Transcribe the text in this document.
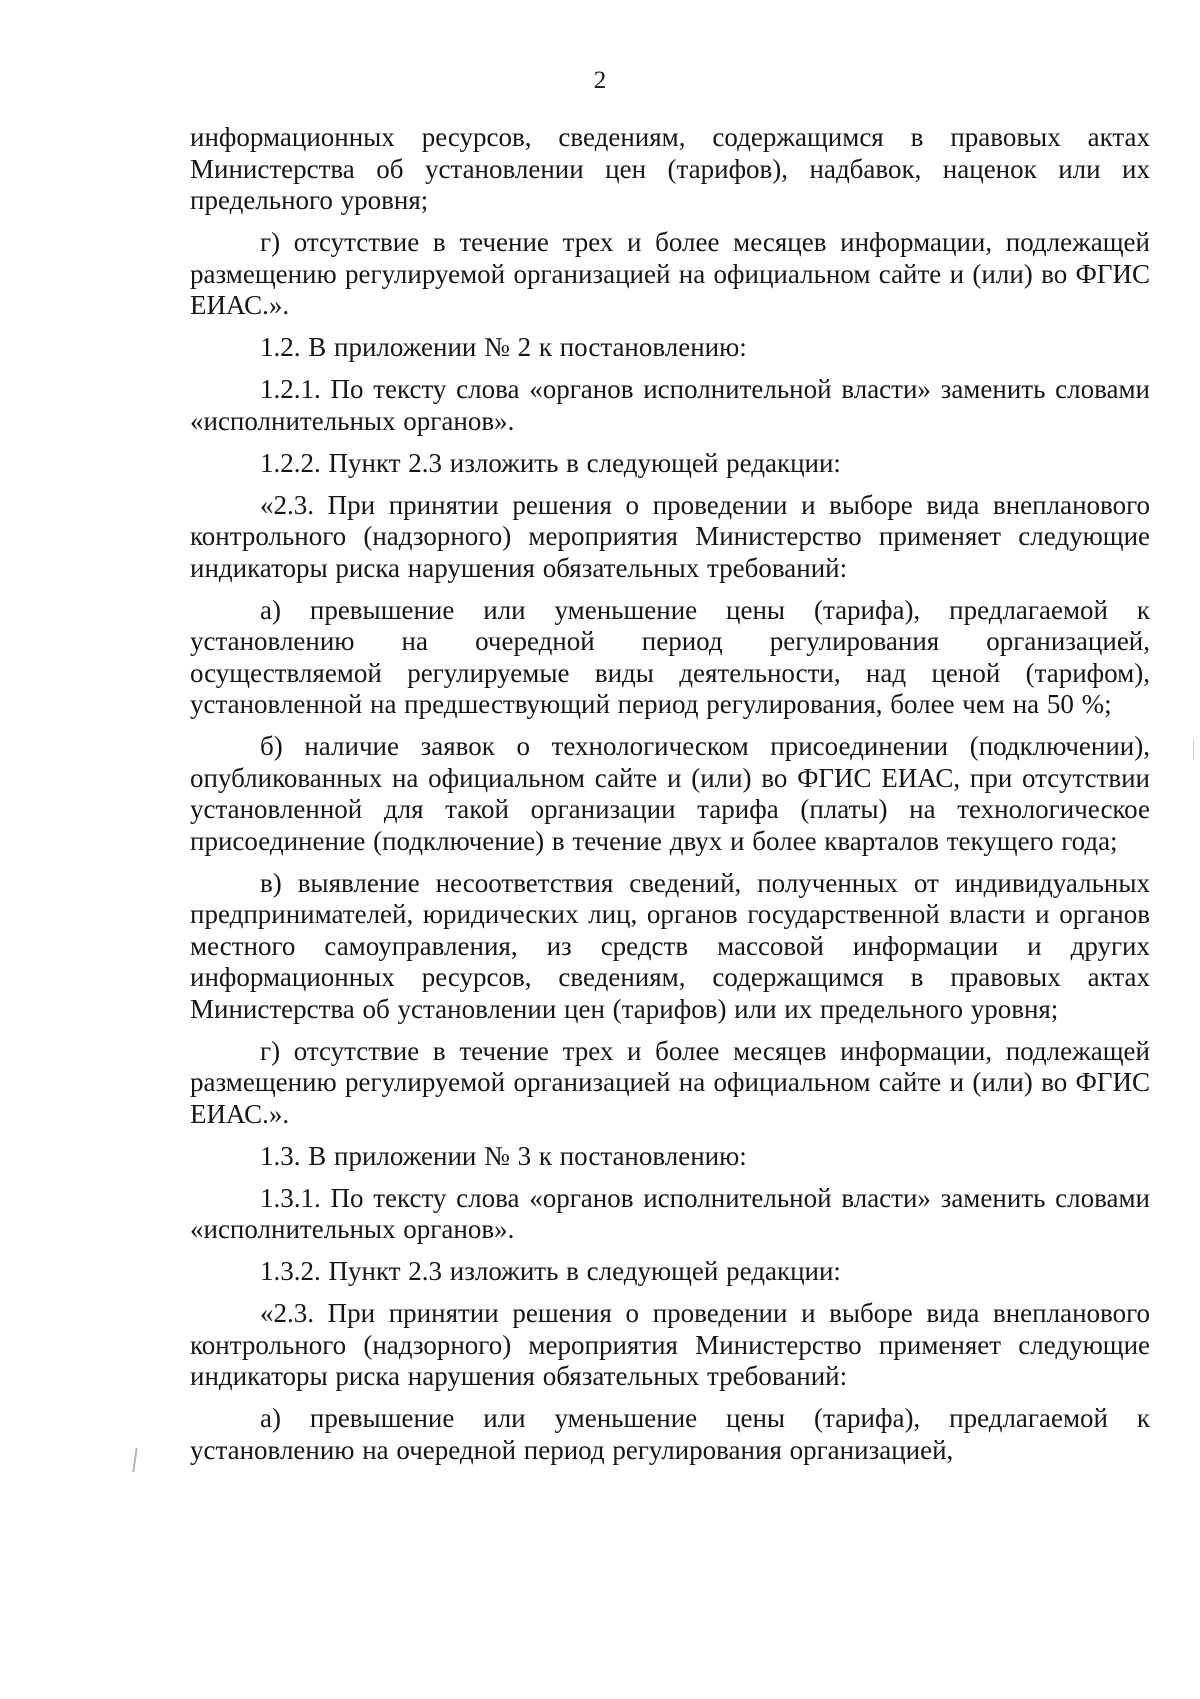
2

информационных ресурсов, сведениям, содержащимся в правовых актах Министерства об установлении цен (тарифов), надбавок, наценок или их предельного уровня;

г) отсутствие в течение трех и более месяцев информации, подлежащей размещению регулируемой организацией на официальном сайте и (или) во ФГИС ЕИАС.».

1.2. В приложении № 2 к постановлению:

1.2.1. По тексту слова «органов исполнительной власти» заменить словами «исполнительных органов».

1.2.2. Пункт 2.3 изложить в следующей редакции:

«2.3. При принятии решения о проведении и выборе вида внепланового контрольного (надзорного) мероприятия Министерство применяет следующие индикаторы риска нарушения обязательных требований:

а) превышение или уменьшение цены (тарифа), предлагаемой к установлению на очередной период регулирования организацией, осуществляемой регулируемые виды деятельности, над ценой (тарифом), установленной на предшествующий период регулирования, более чем на 50 %;

б) наличие заявок о технологическом присоединении (подключении), опубликованных на официальном сайте и (или) во ФГИС ЕИАС, при отсутствии установленной для такой организации тарифа (платы) на технологическое присоединение (подключение) в течение двух и более кварталов текущего года;

в) выявление несоответствия сведений, полученных от индивидуальных предпринимателей, юридических лиц, органов государственной власти и органов местного самоуправления, из средств массовой информации и других информационных ресурсов, сведениям, содержащимся в правовых актах Министерства об установлении цен (тарифов) или их предельного уровня;

г) отсутствие в течение трех и более месяцев информации, подлежащей размещению регулируемой организацией на официальном сайте и (или) во ФГИС ЕИАС.».

1.3. В приложении № 3 к постановлению:

1.3.1. По тексту слова «органов исполнительной власти» заменить словами «исполнительных органов».

1.3.2. Пункт 2.3 изложить в следующей редакции:

«2.3. При принятии решения о проведении и выборе вида внепланового контрольного (надзорного) мероприятия Министерство применяет следующие индикаторы риска нарушения обязательных требований:

а) превышение или уменьшение цены (тарифа), предлагаемой к установлению на очередной период регулирования организацией,
